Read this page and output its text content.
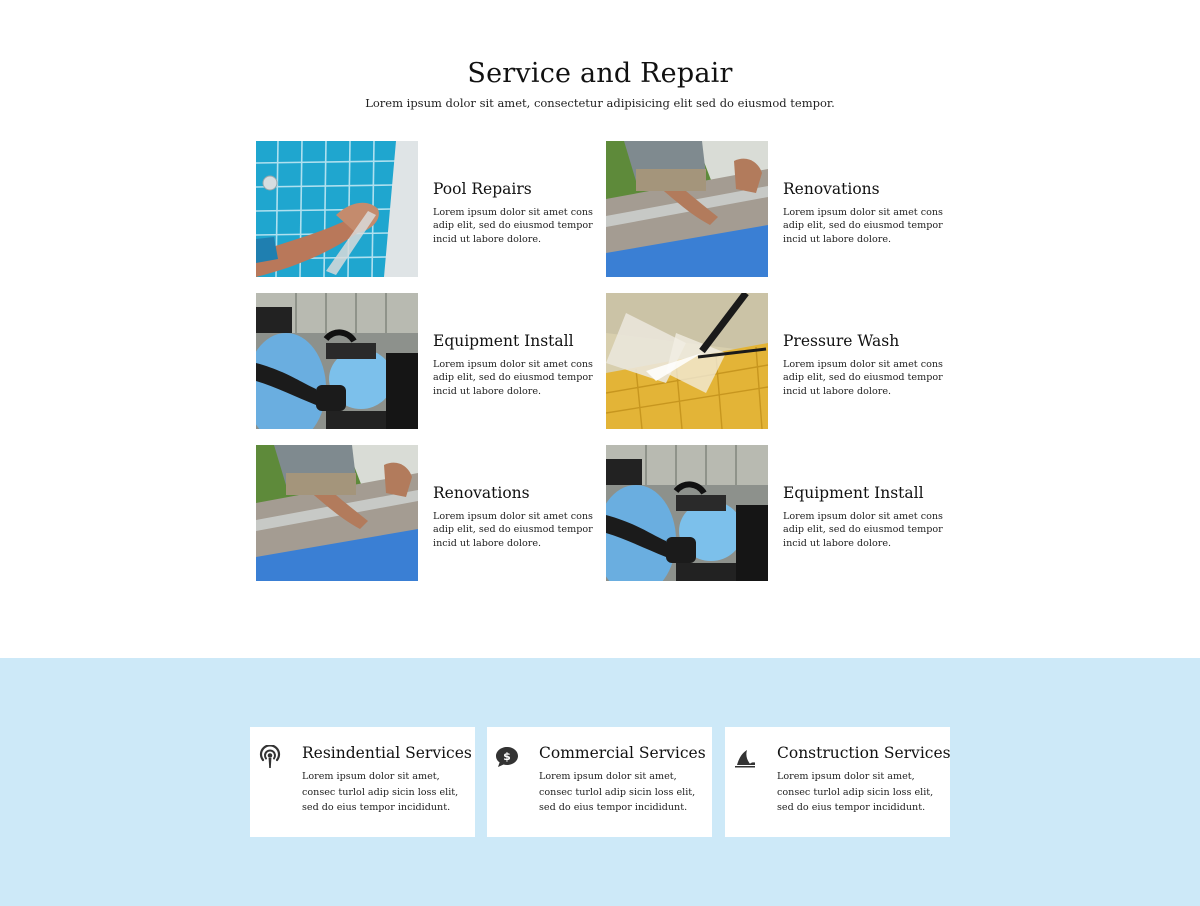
Service and Repair

Lorem ipsum dolor sit amet, consectetur adipisicing elit sed do eiusmod tempor.

Pool Repairs
Lorem ipsum dolor sit amet cons adip elit, sed do eiusmod tempor incid ut labore dolore.
Renovations
Lorem ipsum dolor sit amet cons adip elit, sed do eiusmod tempor incid ut labore dolore.
Equipment Install
Lorem ipsum dolor sit amet cons adip elit, sed do eiusmod tempor incid ut labore dolore.
Pressure Wash
Lorem ipsum dolor sit amet cons adip elit, sed do eiusmod tempor incid ut labore dolore.
Renovations
Lorem ipsum dolor sit amet cons adip elit, sed do eiusmod tempor incid ut labore dolore.
Equipment Install
Lorem ipsum dolor sit amet cons adip elit, sed do eiusmod tempor incid ut labore dolore.
Resindential Services
Lorem ipsum dolor sit amet, consec turlol adip sicin loss elit, sed do eius tempor incididunt.
$ Commercial Services
Lorem ipsum dolor sit amet, consec turlol adip sicin loss elit, sed do eius tempor incididunt.
Construction Services
Lorem ipsum dolor sit amet, consec turlol adip sicin loss elit, sed do eius tempor incididunt.
